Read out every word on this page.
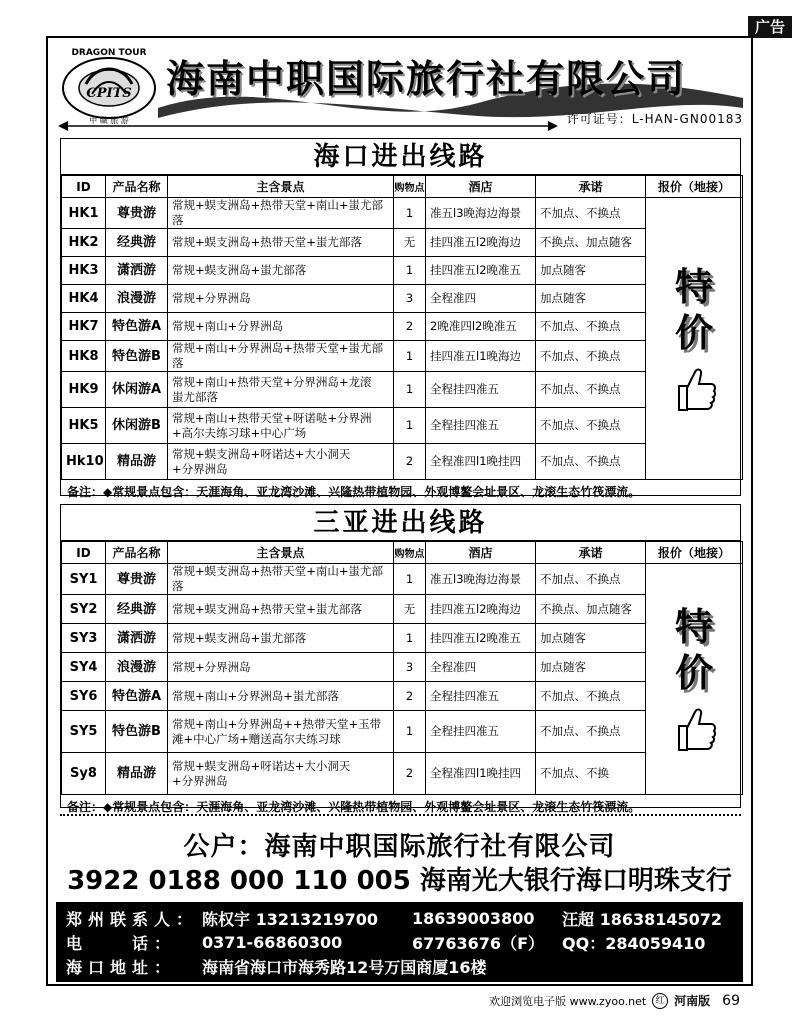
广告
DRAGON TOUR
CPITS
中 職 旅 游
海南中职国际旅行社有限公司
许可证号：L-HAN-GN00183
海口进出线路
ID	产品名称	主含景点	购物点	酒店	承诺	报价（地接）
HK1	尊贵游	常规+蜈支洲岛+热带天堂+南山+蚩尤部落	1	准五l3晚海边海景	不加点、不换点	特
价

HK2	经典游	常规+蜈支洲岛+热带天堂+蚩尤部落	无	挂四准五l2晚海边	不换点、加点随客	
HK3	潇洒游	常规+蜈支洲岛+蚩尤部落	1	挂四准五l2晚准五	加点随客	
HK4	浪漫游	常规+分界洲岛	3	全程准四	加点随客	
HK7	特色游A	常规+南山+分界洲岛	2	2晚准四l2晚准五	不加点、不换点	
HK8	特色游B	常规+南山+分界洲岛+热带天堂+蚩尤部落	1	挂四准五l1晚海边	不加点、不换点	
HK9	休闲游A	常规+南山+热带天堂+分界洲岛+龙滚
蚩尤部落	1	全程挂四准五	不加点、不换点	
HK5	休闲游B	常规+南山+热带天堂+呀诺哒+分界洲
+高尔夫练习球+中心广场	1	全程挂四准五	不加点、不换点	
Hk10	精品游	常规+蜈支洲岛+呀诺达+大小洞天
+分界洲岛	2	全程准四l1晚挂四	不加点、不换点	
备注：◆常规景点包含：天涯海角、亚龙湾沙滩、兴隆热带植物园、外观博鳌会址景区、龙滚生态竹筏漂流。
三亚进出线路
ID	产品名称	主含景点	购物点	酒店	承诺	报价（地接）
SY1	尊贵游	常规+蜈支洲岛+热带天堂+南山+蚩尤部落	1	准五l3晚海边海景	不加点、不换点	特
价

SY2	经典游	常规+蜈支洲岛+热带天堂+蚩尤部落	无	挂四准五l2晚海边	不换点、加点随客	
SY3	潇洒游	常规+蜈支洲岛+蚩尤部落	1	挂四准五l2晚准五	加点随客	
SY4	浪漫游	常规+分界洲岛	3	全程准四	加点随客	
SY6	特色游A	常规+南山+分界洲岛+蚩尤部落	2	全程挂四准五	不加点、不换点	
SY5	特色游B	常规+南山+分界洲岛++热带天堂+玉带
滩+中心广场+赠送高尔夫练习球	1	全程挂四准五	不加点、不换点	
Sy8	精品游	常规+蜈支洲岛+呀诺达+大小洞天
+分界洲岛	2	全程准四l1晚挂四	不加点、不换	
备注：◆常规景点包含：天涯海角、亚龙湾沙滩、兴隆热带植物园、外观博鳌会址景区、龙滚生态竹筏漂流。
公户：海南中职国际旅行社有限公司
3922 0188 000 110 005 海南光大银行海口明珠支行
郑州联系人： 陈权宇 13213219700	18639003800	汪超 18638145072
电　　话：	0371-66860300	67763676（F）	QQ：284059410
海口地址：	海南省海口市海秀路12号万国商厦16楼
欢迎浏览电子版 www.zyoo.net	红 河南版 69
